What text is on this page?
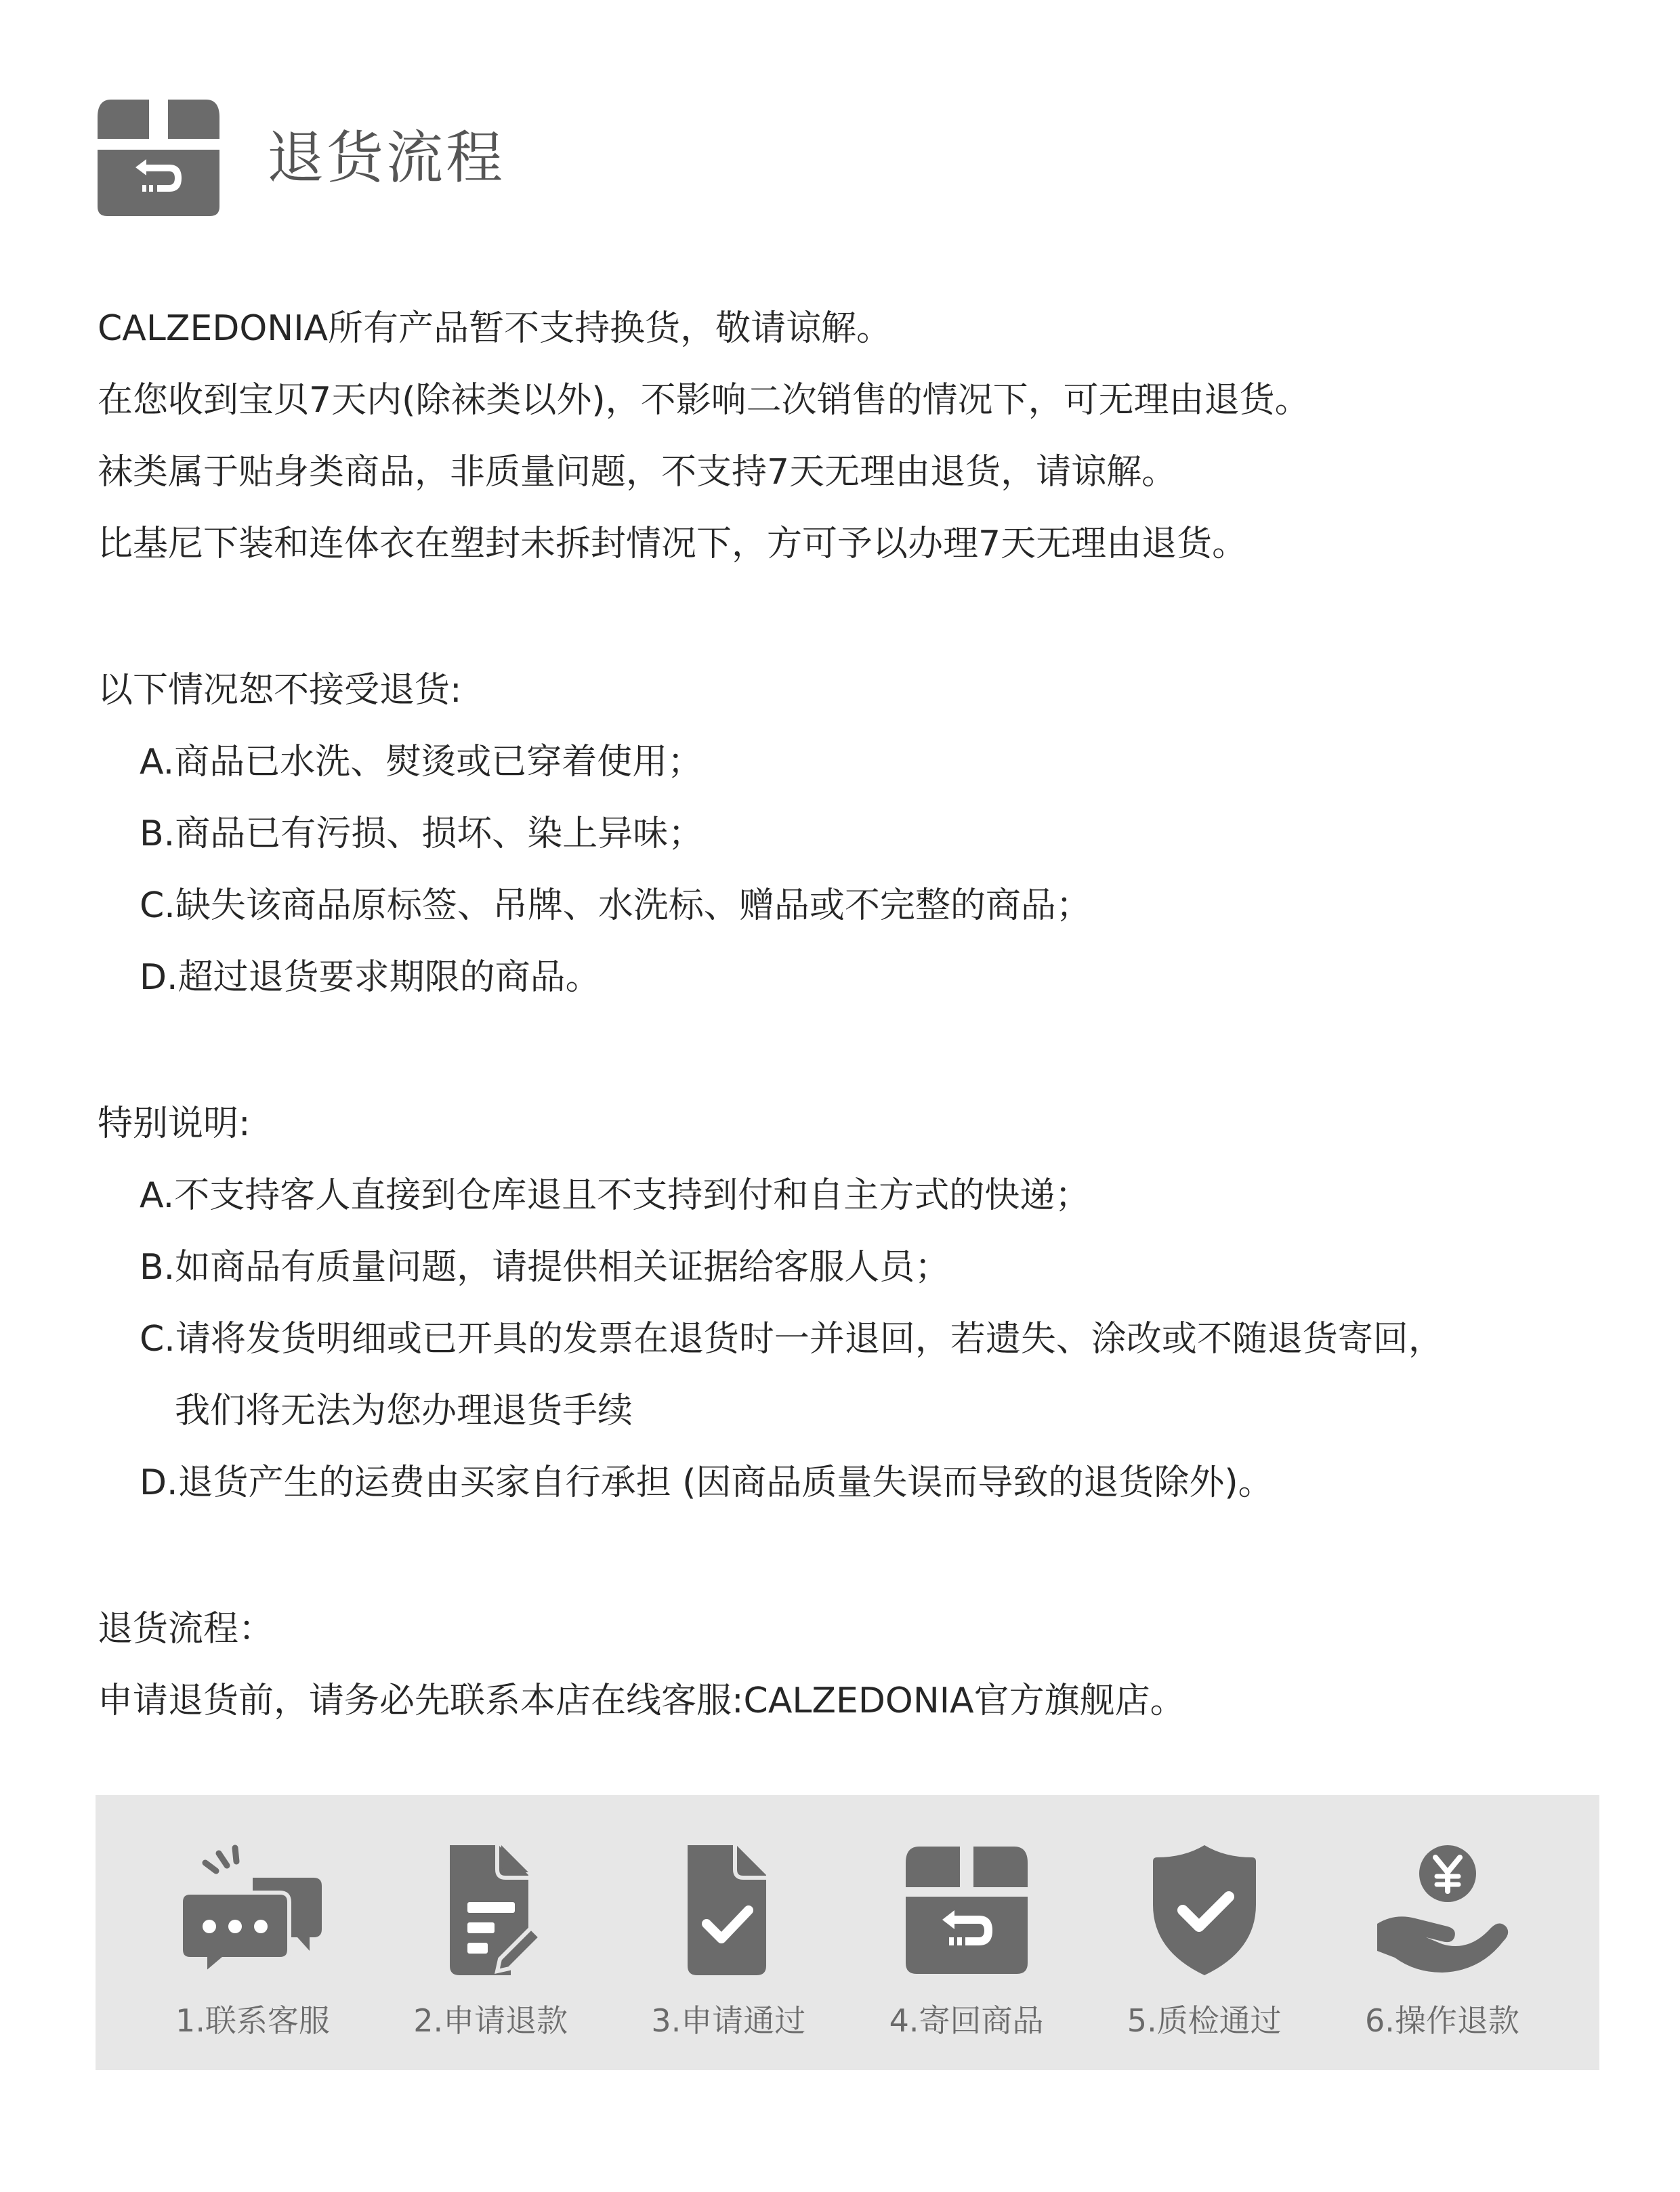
退货流程
CALZEDONIA所有产品暂不支持换货，敬请谅解。
在您收到宝贝7天内(除袜类以外)，不影响二次销售的情况下，可无理由退货。
袜类属于贴身类商品，非质量问题，不支持7天无理由退货，请谅解。
比基尼下装和连体衣在塑封未拆封情况下，方可予以办理7天无理由退货。
以下情况恕不接受退货:
A.商品已水洗、熨烫或已穿着使用；
B.商品已有污损、损坏、染上异味；
C.缺失该商品原标签、吊牌、水洗标、赠品或不完整的商品；
D.超过退货要求期限的商品。
特别说明:
A.不支持客人直接到仓库退且不支持到付和自主方式的快递；
B.如商品有质量问题，请提供相关证据给客服人员；
C.请将发货明细或已开具的发票在退货时一并退回，若遗失、涂改或不随退货寄回，
我们将无法为您办理退货手续
D.退货产生的运费由买家自行承担 (因商品质量失误而导致的退货除外)。
退货流程：
申请退货前，请务必先联系本店在线客服:CALZEDONIA官方旗舰店。
1.联系客服	2.申请退款	3.申请通过	4.寄回商品	5.质检通过	6.操作退款
